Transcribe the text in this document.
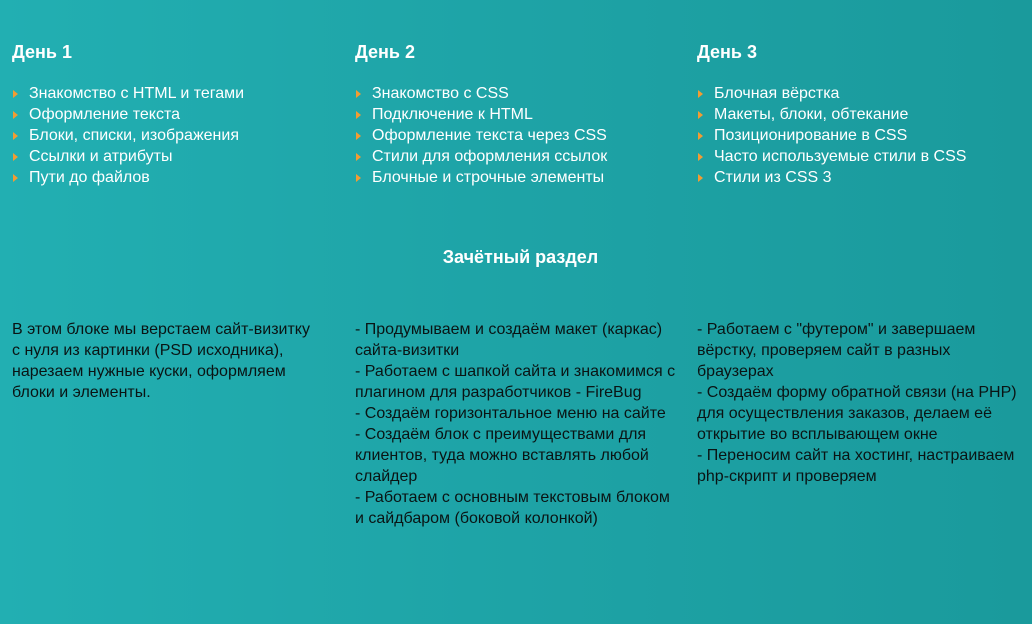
День 1
Знакомство с HTML и тегами
Оформление текста
Блоки, списки, изображения
Ссылки и атрибуты
Пути до файлов
День 2
Знакомство с CSS
Подключение к HTML
Оформление текста через CSS
Стили для оформления ссылок
Блочные и строчные элементы
День 3
Блочная вёрстка
Макеты, блоки, обтекание
Позиционирование в CSS
Часто используемые стили в CSS
Стили из CSS 3
Зачётный раздел

В этом блоке мы верстаем сайт-визитку с нуля из картинки (PSD исходника), нарезаем нужные куски, оформляем блоки и элементы.

- Продумываем и создаём макет (каркас) сайта-визитки
- Работаем с шапкой сайта и знакомимся с плагином для разработчиков - FireBug
- Создаём горизонтальное меню на сайте
- Создаём блок с преимуществами для клиентов, туда можно вставлять любой слайдер
- Работаем с основным текстовым блоком и сайдбаром (боковой колонкой)

- Работаем с "футером" и завершаем вёрстку, проверяем сайт в разных браузерах
- Создаём форму обратной связи (на PHP) для осуществления заказов, делаем её открытие во всплывающем окне
- Переносим сайт на хостинг, настраиваем php-скрипт и проверяем
